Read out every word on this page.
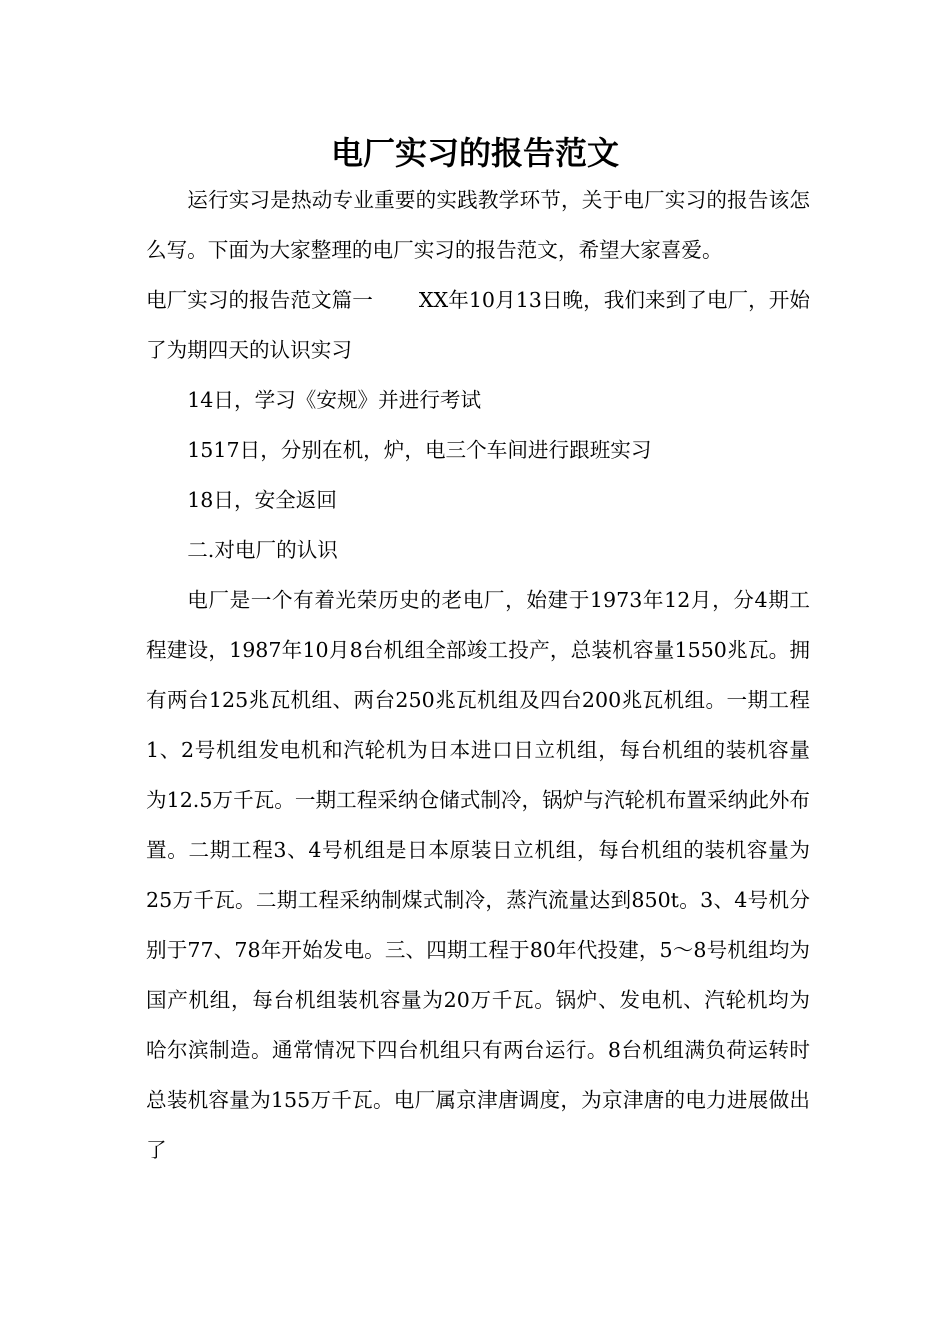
电厂实习的报告范文

运行实习是热动专业重要的实践教学环节，关于电厂实习的报告该怎么写。下面为大家整理的电厂实习的报告范文，希望大家喜爱。

电厂实习的报告范文篇一 XX年10月13日晚，我们来到了电厂，开始了为期四天的认识实习

14日，学习《安规》并进行考试

1517日，分别在机，炉，电三个车间进行跟班实习

18日，安全返回

二.对电厂的认识

电厂是一个有着光荣历史的老电厂，始建于1973年12月，分4期工程建设，1987年10月8台机组全部竣工投产，总装机容量1550兆瓦。拥有两台125兆瓦机组、两台250兆瓦机组及四台200兆瓦机组。一期工程1、2号机组发电机和汽轮机为日本进口日立机组，每台机组的装机容量为12.5万千瓦。一期工程采纳仓储式制冷，锅炉与汽轮机布置采纳此外布置。二期工程3、4号机组是日本原装日立机组，每台机组的装机容量为25万千瓦。二期工程采纳制煤式制冷，蒸汽流量达到850t。3、4号机分别于77、78年开始发电。三、四期工程于80年代投建，5～8号机组均为国产机组，每台机组装机容量为20万千瓦。锅炉、发电机、汽轮机均为哈尔滨制造。通常情况下四台机组只有两台运行。8台机组满负荷运转时总装机容量为155万千瓦。电厂属京津唐调度，为京津唐的电力进展做出了
